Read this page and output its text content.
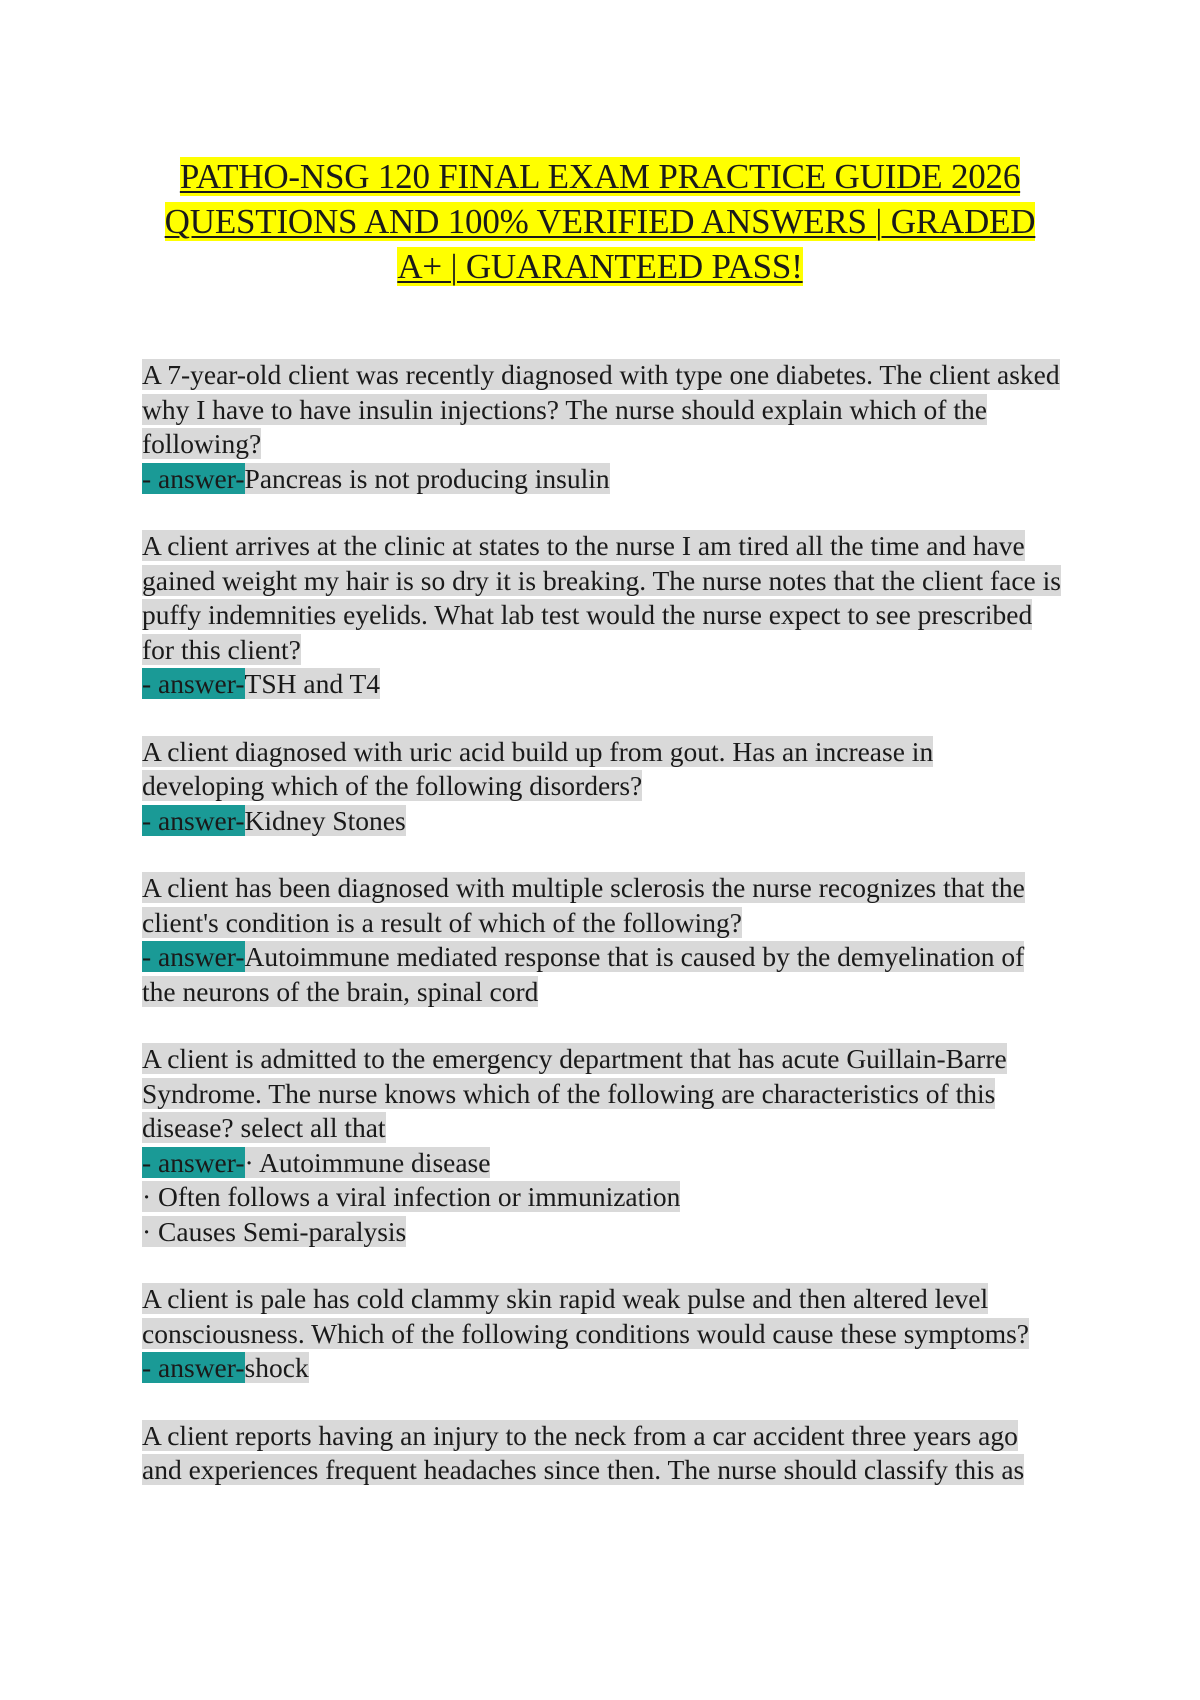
PATHO-NSG 120 FINAL EXAM PRACTICE GUIDE 2026 QUESTIONS AND 100% VERIFIED ANSWERS | GRADED A+ | GUARANTEED PASS!
A 7-year-old client was recently diagnosed with type one diabetes. The client asked why I have to have insulin injections? The nurse should explain which of the following?
- answer-Pancreas is not producing insulin
A client arrives at the clinic at states to the nurse I am tired all the time and have gained weight my hair is so dry it is breaking. The nurse notes that the client face is puffy indemnities eyelids. What lab test would the nurse expect to see prescribed for this client?
- answer-TSH and T4
A client diagnosed with uric acid build up from gout. Has an increase in developing which of the following disorders?
- answer-Kidney Stones
A client has been diagnosed with multiple sclerosis the nurse recognizes that the client's condition is a result of which of the following?
- answer-Autoimmune mediated response that is caused by the demyelination of the neurons of the brain, spinal cord
A client is admitted to the emergency department that has acute Guillain-Barre Syndrome. The nurse knows which of the following are characteristics of this disease? select all that
- answer-· Autoimmune disease
· Often follows a viral infection or immunization
· Causes Semi-paralysis
A client is pale has cold clammy skin rapid weak pulse and then altered level consciousness. Which of the following conditions would cause these symptoms?
- answer-shock
A client reports having an injury to the neck from a car accident three years ago and experiences frequent headaches since then. The nurse should classify this as
